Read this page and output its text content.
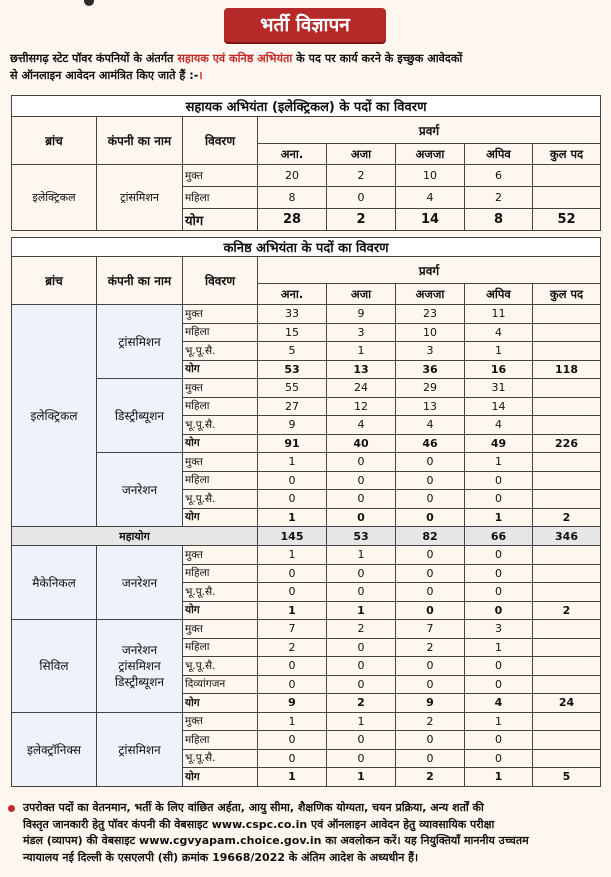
भर्ती विज्ञापन
छत्तीसगढ़ स्टेट पॉवर कंपनियों के अंतर्गत सहायक एवं कनिष्ठ अभियंता के पद पर कार्य करने के इच्छुक आवेदकों
से ऑनलाइन आवेदन आमंत्रित किए जाते हैं :-।
सहायक अभियंता (इलेक्ट्रिकल) के पदों का विवरण							
ब्रांच	कंपनी का नाम	विवरण	प्रवर्ग				
			अना.	अजा	अजजा	अपिव	कुल पद
इलेक्ट्रिकल	ट्रांसमिशन	मुक्त	20	2	10	6	
		महिला	8	0	4	2	
		योग	28	2	14	8	52
कनिष्ठ अभियंता के पदों का विवरण							
ब्रांच	कंपनी का नाम	विवरण	प्रवर्ग				
			अना.	अजा	अजजा	अपिव	कुल पद
इलेक्ट्रिकल	ट्रांसमिशन	मुक्त	33	9	23	11	
		महिला	15	3	10	4	
		भू.पू.सै.	5	1	3	1	
		योग	53	13	36	16	118
	डिस्ट्रीब्यूशन	मुक्त	55	24	29	31	
		महिला	27	12	13	14	
		भू.पू.सै.	9	4	4	4	
		योग	91	40	46	49	226
	जनरेशन	मुक्त	1	0	0	1	
		महिला	0	0	0	0	
		भू.पू.सै.	0	0	0	0	
		योग	1	0	0	1	2
महायोग			145	53	82	66	346
मैकेनिकल	जनरेशन	मुक्त	1	1	0	0	
		महिला	0	0	0	0	
		भू.पू.सै.	0	0	0	0	
		योग	1	1	0	0	2
सिविल	जनरेशन
ट्रांसमिशन
डिस्ट्रीब्यूशन	मुक्त	7	2	7	3	
		महिला	2	0	2	1	
		भू.पू.सै.	0	0	0	0	
		दिव्यांगजन	0	0	0	0	
		योग	9	2	9	4	24
इलेक्ट्रॉनिक्स	ट्रांसमिशन	मुक्त	1	1	2	1	
		महिला	0	0	0	0	
		भू.पू.सै.	0	0	0	0	
		योग	1	1	2	1	5
उपरोक्त पदों का वेतनमान, भर्ती के लिए वांछित अर्हता, आयु सीमा, शैक्षणिक योग्यता, चयन प्रक्रिया, अन्य शर्तों की
विस्तृत जानकारी हेतु पॉवर कंपनी की वेबसाइट www.cspc.co.in एवं ऑनलाइन आवेदन हेतु व्यावसायिक परीक्षा
मंडल (व्यापम) की वेबसाइट www.cgvyapam.choice.gov.in का अवलोकन करें। यह नियुक्तियाँ माननीय उच्चतम
न्यायालय नई दिल्ली के एसएलपी (सी) क्रमांक 19668/2022 के अंतिम आदेश के अध्यधीन हैं।
